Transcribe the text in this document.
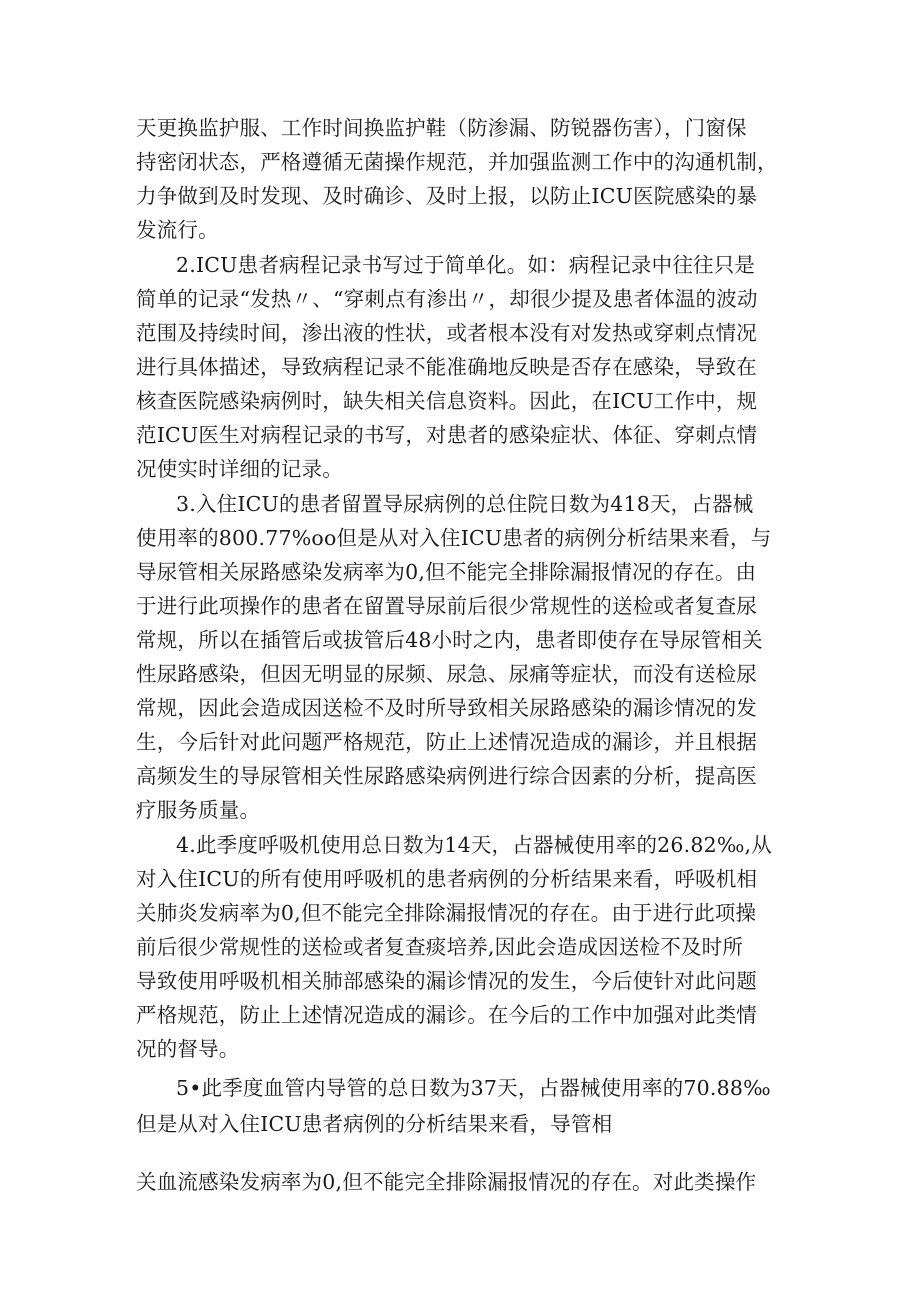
天更换监护服、工作时间换监护鞋（防渗漏、防锐器伤害），门窗保
持密闭状态，严格遵循无菌操作规范，并加强监测工作中的沟通机制，
力争做到及时发现、及时确诊、及时上报，以防止ICU医院感染的暴
发流行。
2.ICU患者病程记录书写过于简单化。如：病程记录中往往只是
简单的记录“发热〃、“穿刺点有渗出〃，却很少提及患者体温的波动
范围及持续时间，渗出液的性状，或者根本没有对发热或穿刺点情况
进行具体描述，导致病程记录不能准确地反映是否存在感染，导致在
核查医院感染病例时，缺失相关信息资料。因此，在ICU工作中，规
范ICU医生对病程记录的书写，对患者的感染症状、体征、穿刺点情
况使实时详细的记录。
3.入住ICU的患者留置导尿病例的总住院日数为418天，占器械
使用率的800.77%oo但是从对入住ICU患者的病例分析结果来看，与
导尿管相关尿路感染发病率为0,但不能完全排除漏报情况的存在。由
于进行此项操作的患者在留置导尿前后很少常规性的送检或者复查尿
常规，所以在插管后或拔管后48小时之内，患者即使存在导尿管相关
性尿路感染，但因无明显的尿频、尿急、尿痛等症状，而没有送检尿
常规，因此会造成因送检不及时所导致相关尿路感染的漏诊情况的发
生，今后针对此问题严格规范，防止上述情况造成的漏诊，并且根据
高频发生的导尿管相关性尿路感染病例进行综合因素的分析，提高医
疗服务质量。
4.此季度呼吸机使用总日数为14天，占器械使用率的26.82‰,从
对入住ICU的所有使用呼吸机的患者病例的分析结果来看，呼吸机相
关肺炎发病率为0,但不能完全排除漏报情况的存在。由于进行此项操
前后很少常规性的送检或者复查痰培养,因此会造成因送检不及时所
导致使用呼吸机相关肺部感染的漏诊情况的发生，今后使针对此问题
严格规范，防止上述情况造成的漏诊。在今后的工作中加强对此类情
况的督导。
5•此季度血管内导管的总日数为37天，占器械使用率的70.88‰
但是从对入住ICU患者病例的分析结果来看，导管相
关血流感染发病率为0,但不能完全排除漏报情况的存在。对此类操作
